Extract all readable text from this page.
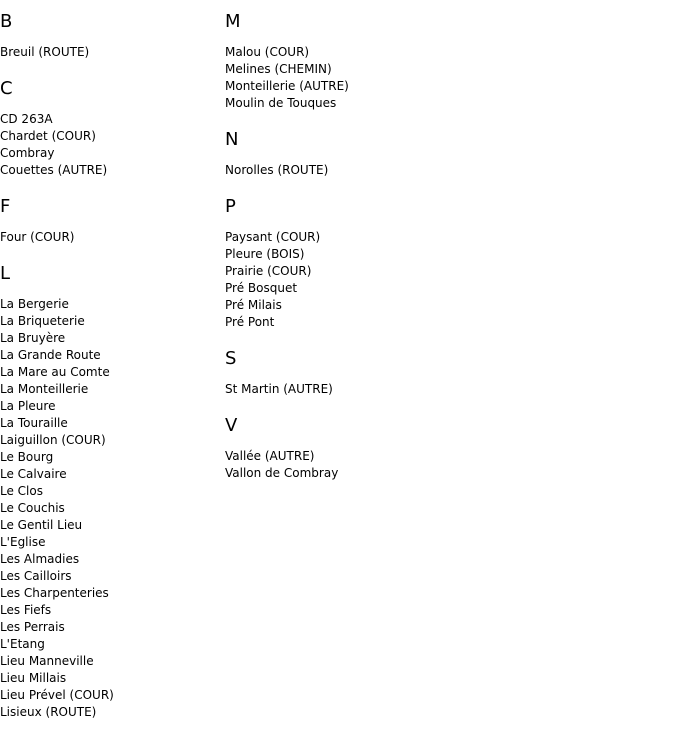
B
Breuil (ROUTE)
C
CD 263A
Chardet (COUR)
Combray
Couettes (AUTRE)
F
Four (COUR)
L
La Bergerie
La Briqueterie
La Bruyère
La Grande Route
La Mare au Comte
La Monteillerie
La Pleure
La Touraille
Laiguillon (COUR)
Le Bourg
Le Calvaire
Le Clos
Le Couchis
Le Gentil Lieu
L'Eglise
Les Almadies
Les Cailloirs
Les Charpenteries
Les Fiefs
Les Perrais
L'Etang
Lieu Manneville
Lieu Millais
Lieu Prével (COUR)
Lisieux (ROUTE)
M
Malou (COUR)
Melines (CHEMIN)
Monteillerie (AUTRE)
Moulin de Touques
N
Norolles (ROUTE)
P
Paysant (COUR)
Pleure (BOIS)
Prairie (COUR)
Pré Bosquet
Pré Milais
Pré Pont
S
St Martin (AUTRE)
V
Vallée (AUTRE)
Vallon de Combray
